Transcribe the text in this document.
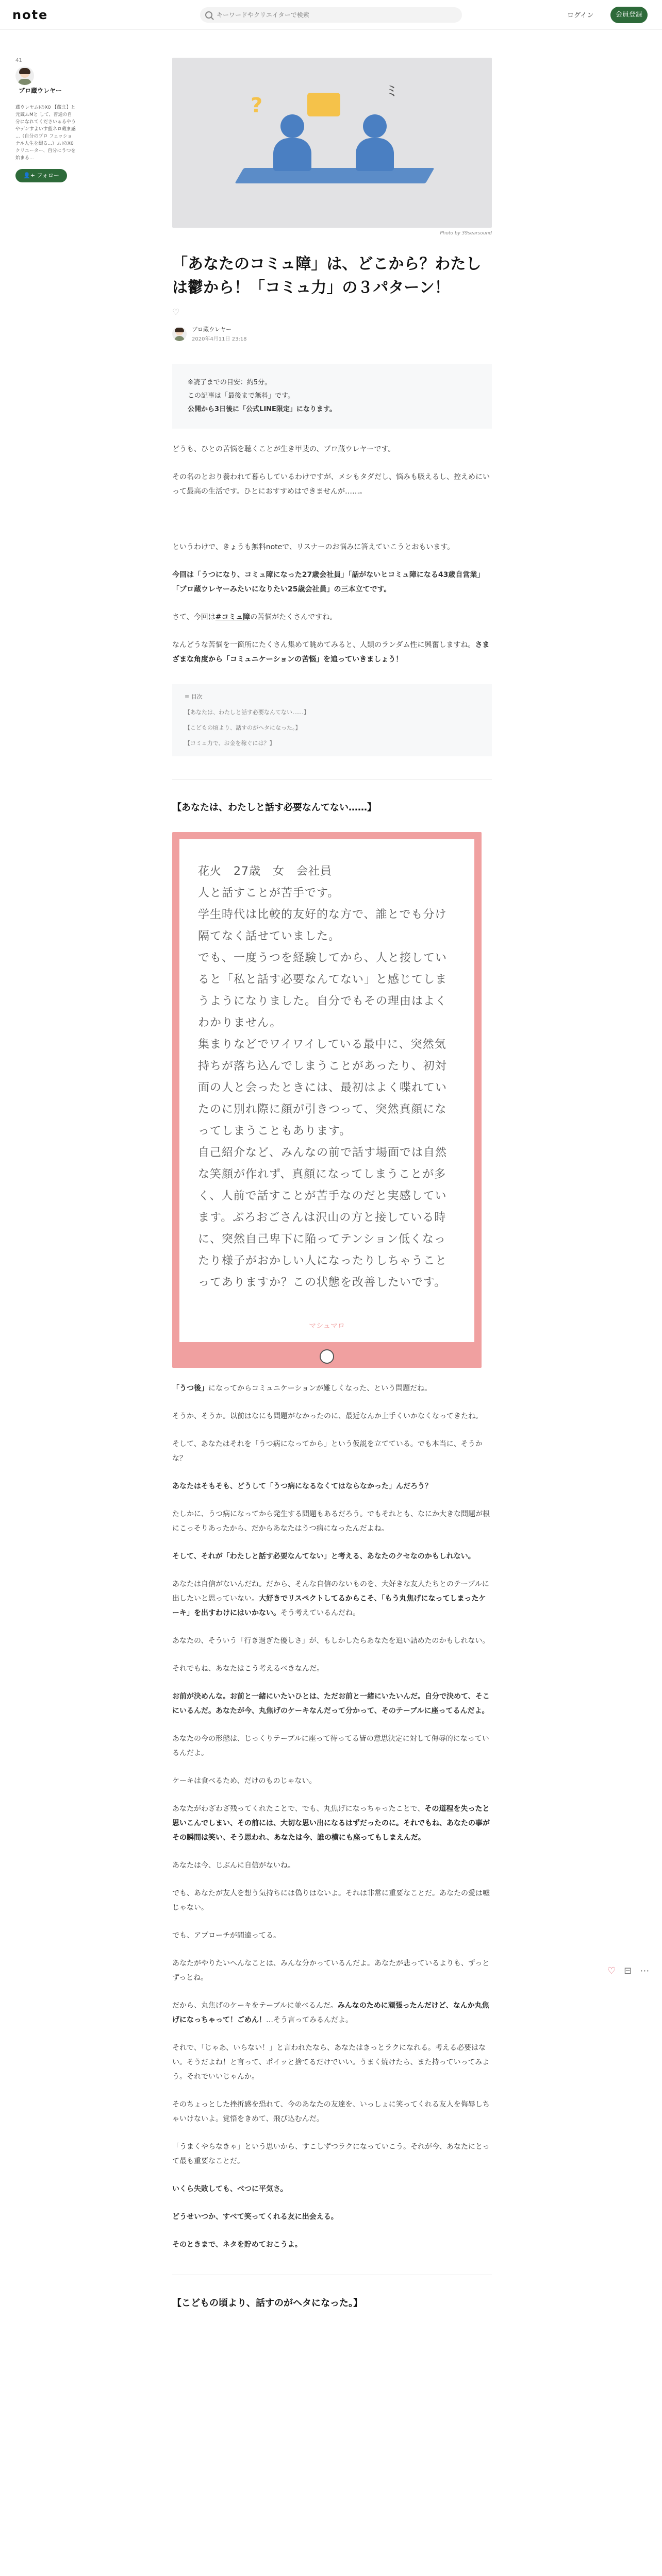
note
キーワードやクリエイターで検索	ログイン	会員登録
41
ブロ蔵ウレヤー
蔵ウレヤムIのX0 【蔵ま】と 元蔵ムMと して、普通の自分になれてくださいぁるやうやデンすよいす藍ネロ蔵ま感 ...（自分のプロ フェッショナル人生を綴る...）ムIのX0 クリエーター、自分にうつを始まる...
👤+ フォロー
?
ﾐ
Photo by 39searsound
「あなたのコミュ障」は、どこから？わたしは鬱から！「コミュ力」の３パターン！
♡
ブロ蔵ウレヤー
2020年4月11日 23:18

※読了までの目安：約5分。

この記事は「最後まで無料」です。

公開から3日後に「公式LINE限定」になります。

どうも、ひとの苦悩を聴くことが生き甲斐の、ブロ蔵ウレヤーです。

その名のとおり養われて暮らしているわけですが、メシもタダだし、悩みも吸えるし、控えめにいって最高の生活です。ひとにおすすめはできませんが……。

というわけで、きょうも無料noteで、リスナーのお悩みに答えていこうとおもいます。

今回は「うつになり、コミュ障になった27歳会社員」「話がないヒコミュ障になる43歳自営業」「ブロ蔵ウレヤーみたいになりたい25歳会社員」の三本立てです。

さて、今回は#コミュ障の苦悩がたくさんですね。

なんどうな苦悩を一箇所にたくさん集めて眺めてみると、人類のランダム性に興奮しますね。さまざまな角度から「コミュニケーションの苦悩」を追っていきましょう！

≡ 目次
【あなたは、わたしと話す必要なんてない……】
【こどもの頃より、話すのがヘタになった。】
【コミュ力で、お金を稼ぐには？】
【あなたは、わたしと話す必要なんてない……】

花火　27歳　女　会社員

人と話すことが苦手です。

学生時代は比較的友好的な方で、誰とでも分け隔てなく話せていました。

でも、一度うつを経験してから、人と接していると「私と話す必要なんてない」と感じてしまうようになりました。自分でもその理由はよくわかりません。

集まりなどでワイワイしている最中に、突然気持ちが落ち込んでしまうことがあったり、初対面の人と会ったときには、最初はよく喋れていたのに別れ際に顔が引きつって、突然真顔になってしまうこともあります。

自己紹介など、みんなの前で話す場面では自然な笑顔が作れず、真顔になってしまうことが多く、人前で話すことが苦手なのだと実感しています。ぶろおごさんは沢山の方と接している時に、突然自己卑下に陥ってテンション低くなったり様子がおかしい人になったりしちゃうことってありますか？この状態を改善したいです。

マシュマロ

「うつ後」になってからコミュニケーションが難しくなった、という問題だね。

そうか、そうか。以前はなにも問題がなかったのに、最近なんか上手くいかなくなってきたね。

そして、あなたはそれを「うつ病になってから」という仮説を立てている。でも本当に、そうかな？

あなたはそもそも、どうして「うつ病になるなくてはならなかった」んだろう？

たしかに、うつ病になってから発生する問題もあるだろう。でもそれとも、なにか大きな問題が根にこっそりあったから、だからあなたはうつ病になったんだよね。

そして、それが「わたしと話す必要なんてない」と考える、あなたのクセなのかもしれない。

あなたは自信がないんだね。だから、そんな自信のないものを、大好きな友人たちとのテーブルに出したいと思っていない。大好きでリスペクトしてるからこそ、「もう丸焦げになってしまったケーキ」を出すわけにはいかない。そう考えているんだね。

あなたの、そういう「行き過ぎた優しさ」が、もしかしたらあなたを追い詰めたのかもしれない。

それでもね、あなたはこう考えるべきなんだ。

お前が決めんな。お前と一緒にいたいひとは、ただお前と一緒にいたいんだ。自分で決めて、そこにいるんだ。あなたが今、丸焦げのケーキなんだって分かって、そのテーブルに座ってるんだよ。

あなたの今の形態は、じっくりテーブルに座って待ってる皆の意思決定に対して侮辱的になっているんだよ。

ケーキは食べるため、だけのものじゃない。

あなたがわざわざ残ってくれたことで、でも、丸焦げになっちゃったことで、その道程を失ったと思いこんでしまい、その前には、大切な思い出になるはずだったのに。それでもね、あなたの事がその瞬間は笑い、そう思われ、あなたは今、誰の横にも座ってもしまえんだ。

あなたは今、じぶんに自信がないね。

でも、あなたが友人を想う気持ちには偽りはないよ。それは非常に重要なことだ。あなたの愛は嘘じゃない。

でも、アプローチが間違ってる。

あなたがやりたいへんなことは、みんな分かっているんだよ。あなたが悲っているよりも、ずっとずっとね。

だから、丸焦げのケーキをテーブルに並べるんだ。みんなのために頑張ったんだけど、なんか丸焦げになっちゃって！ごめん！…そう言ってみるんだよ。

それで、「じゃあ、いらない！」と言われたなら、あなたはきっとラクになれる。考える必要はない。そうだよね！と言って、ポイッと捨てるだけでいい。うまく焼けたら、また持っていってみよう。それでいいじゃんか。

そのちょっとした挫折感を恐れて、今のあなたの友達を、いっしょに笑ってくれる友人を侮辱しちゃいけないよ。覚悟をきめて、飛び込むんだ。

「うまくやらなきゃ」という思いから、すこしずつラクになっていこう。それが今、あなたにとって最も重要なことだ。

いくら失敗しても、べつに平気さ。

どうせいつか、すべて笑ってくれる友に出会える。

そのときまで、ネタを貯めておこうよ。

【こどもの頃より、話すのがヘタになった。】
♡ ⊟ ⋯
